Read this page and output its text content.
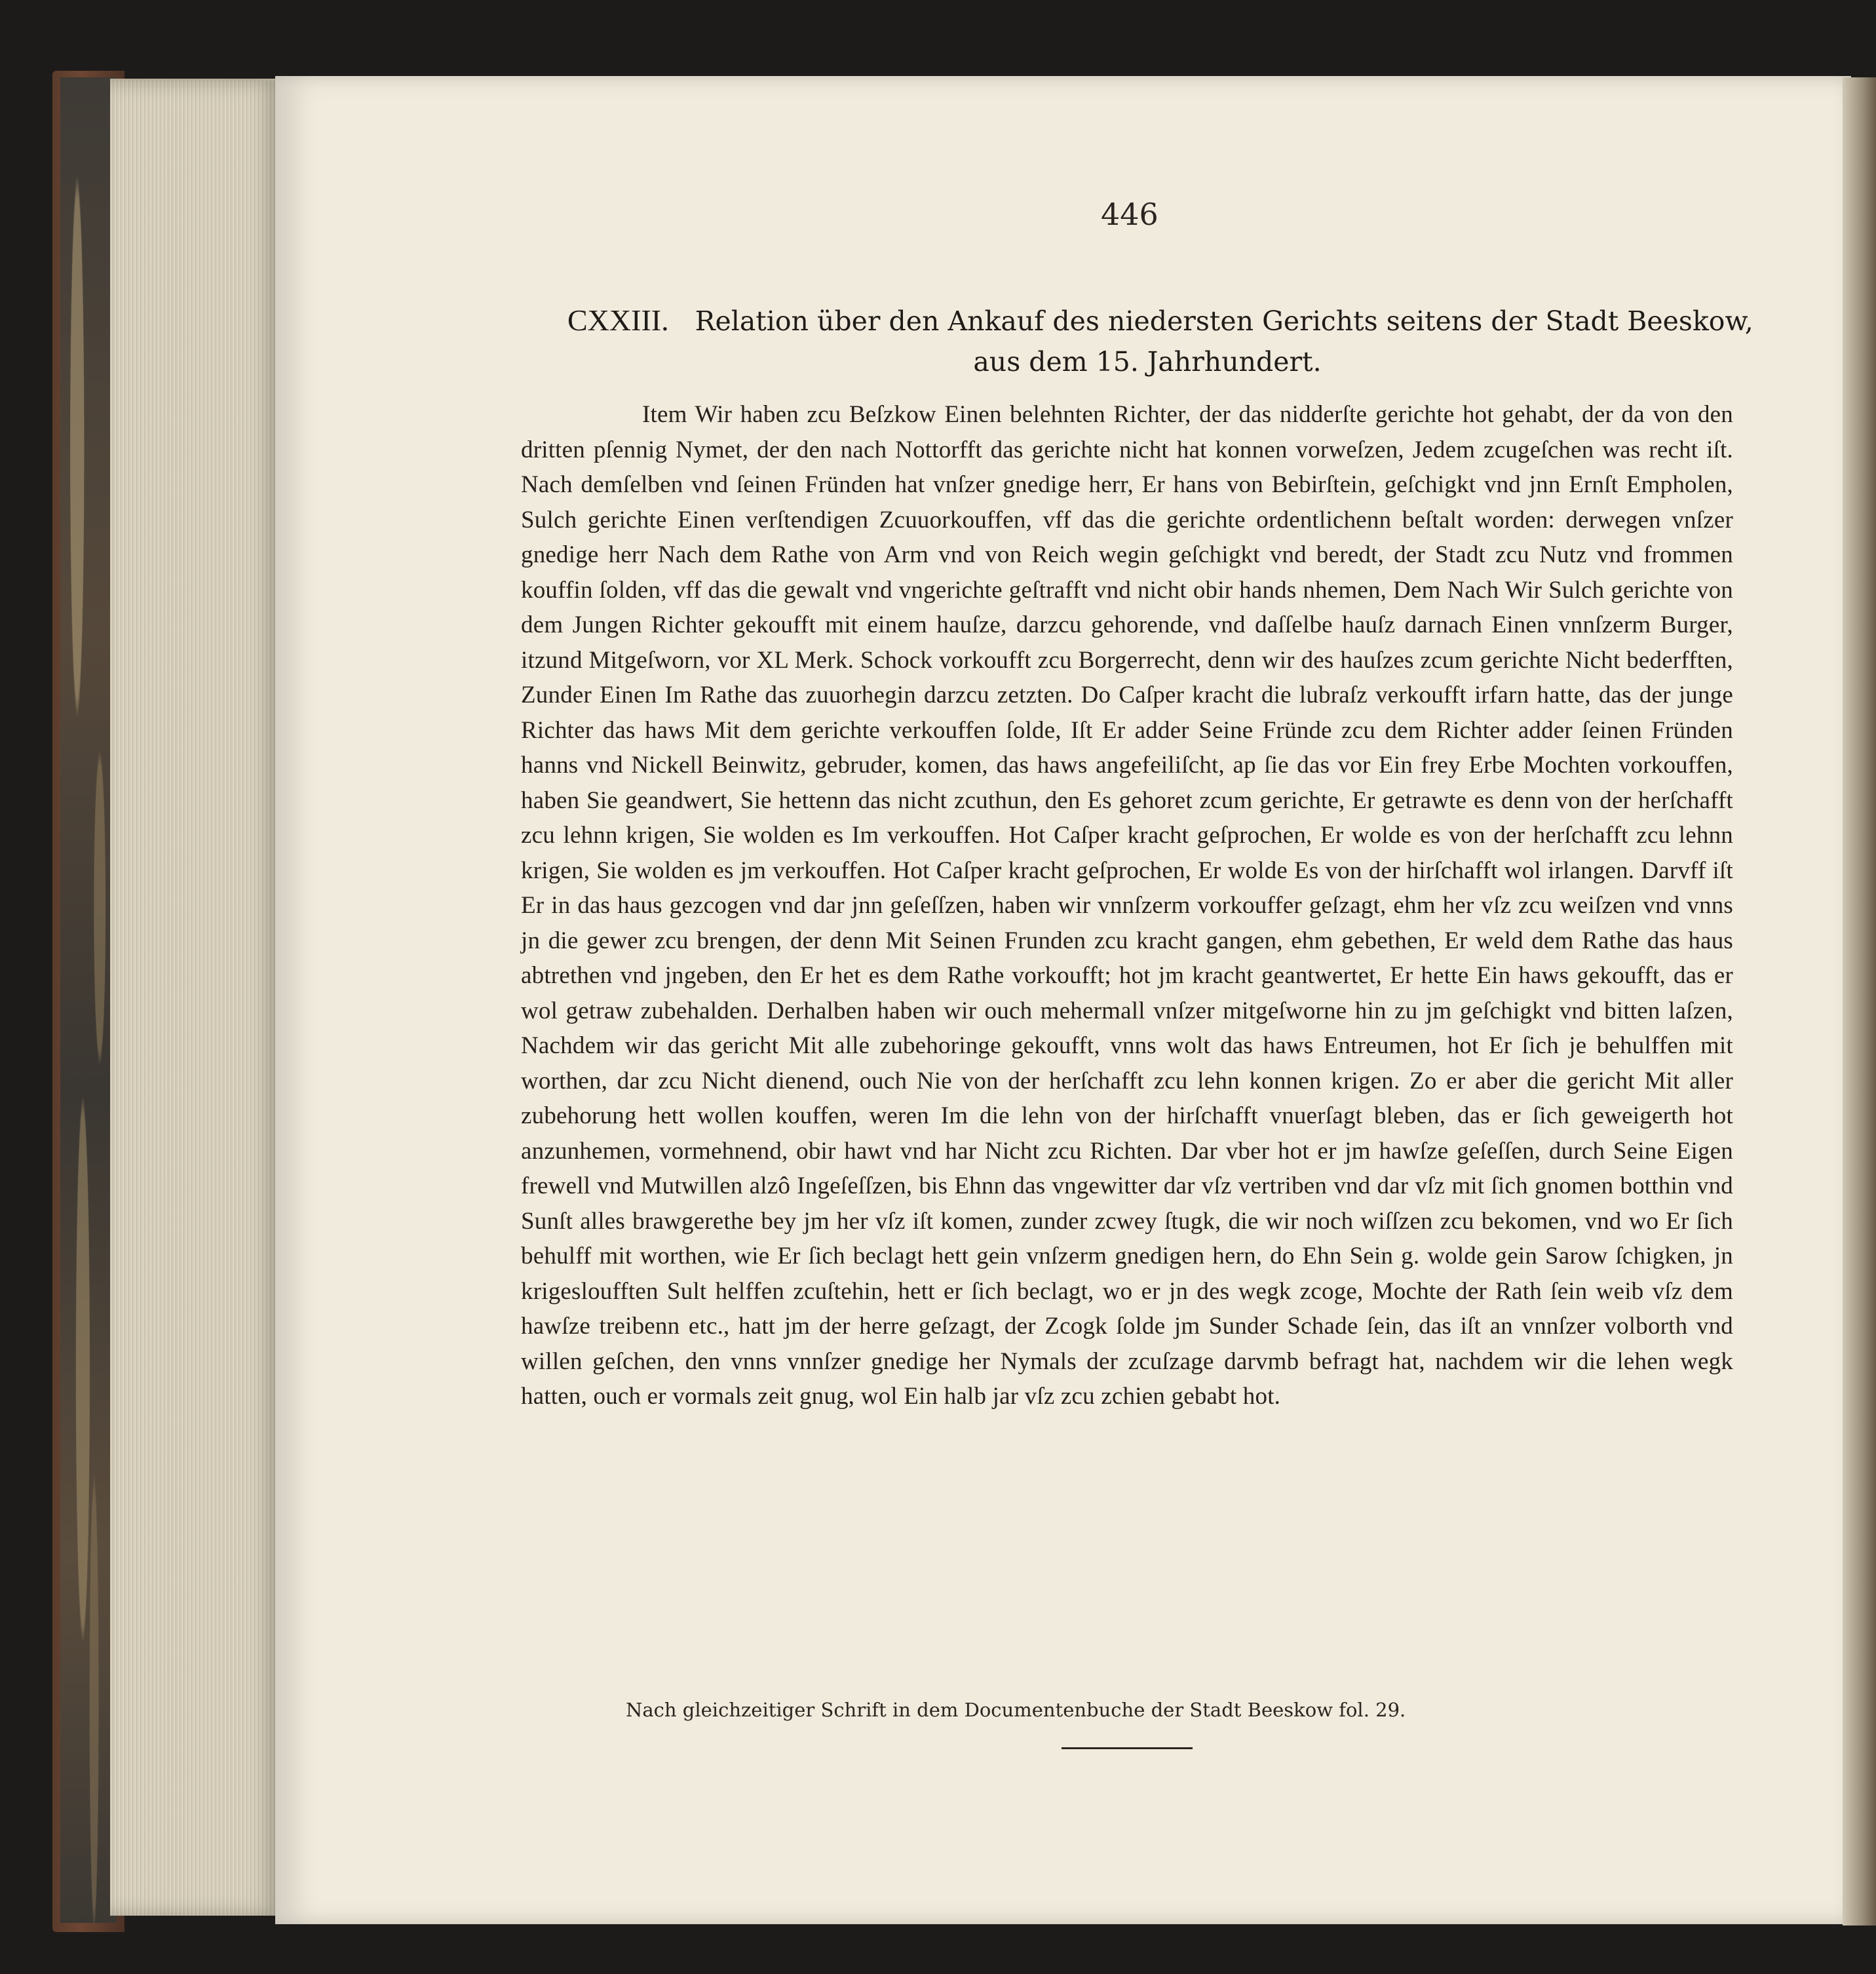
446
CXXIII. Relation über den Ankauf des niedersten Gerichts seitens der Stadt Beeskow,
aus dem 15. Jahrhundert.

Item Wir haben zcu Beſzkow Einen belehnten Richter, der das nidderſte gerichte hot gehabt, der da von den dritten pſennig Nymet, der den nach Nottorfft das gerichte nicht hat konnen vorweſzen, Jedem zcugeſchen was recht iſt. Nach demſelben vnd ſeinen Fründen hat vnſzer gnedige herr, Er hans von Bebirſtein, geſchigkt vnd jnn Ernſt Empholen, Sulch gerichte Einen verſtendigen Zcuuorkouffen, vff das die gerichte ordentlichenn beſtalt worden: derwegen vnſzer gnedige herr Nach dem Rathe von Arm vnd von Reich wegin geſchigkt vnd beredt, der Stadt zcu Nutz vnd frommen kouffin ſolden, vff das die gewalt vnd vngerichte geſtrafft vnd nicht obir hands nhemen, Dem Nach Wir Sulch gerichte von dem Jungen Richter gekoufft mit einem hauſze, darzcu gehorende, vnd daſſelbe hauſz darnach Einen vnnſzerm Burger, itzund Mitgeſworn, vor XL Merk. Schock vorkoufft zcu Borgerrecht, denn wir des hauſzes zcum gerichte Nicht bederfften, Zunder Einen Im Rathe das zuuorhegin darzcu zetzten. Do Caſper kracht die lubraſz verkoufft irfarn hatte, das der junge Richter das haws Mit dem gerichte verkouffen ſolde, Iſt Er adder Seine Fründe zcu dem Richter adder ſeinen Fründen hanns vnd Nickell Beinwitz, gebruder, komen, das haws angefeiliſcht, ap ſie das vor Ein frey Erbe Mochten vorkouffen, haben Sie geandwert, Sie hettenn das nicht zcuthun, den Es gehoret zcum gerichte, Er getrawte es denn von der herſchafft zcu lehnn krigen, Sie wolden es Im verkouffen. Hot Caſper kracht geſprochen, Er wolde es von der herſchafft zcu lehnn krigen, Sie wolden es jm verkouffen. Hot Caſper kracht geſprochen, Er wolde Es von der hirſchafft wol irlangen. Darvff iſt Er in das haus gezcogen vnd dar jnn geſeſſzen, haben wir vnnſzerm vorkouffer geſzagt, ehm her vſz zcu weiſzen vnd vnns jn die gewer zcu brengen, der denn Mit Seinen Frunden zcu kracht gangen, ehm gebethen, Er weld dem Rathe das haus abtrethen vnd jngeben, den Er het es dem Rathe vorkoufft; hot jm kracht geantwertet, Er hette Ein haws gekoufft, das er wol getraw zubehalden. Derhalben haben wir ouch mehermall vnſzer mitgeſworne hin zu jm geſchigkt vnd bitten laſzen, Nachdem wir das gericht Mit alle zubehoringe gekoufft, vnns wolt das haws Entreumen, hot Er ſich je behulffen mit worthen, dar zcu Nicht dienend, ouch Nie von der herſchafft zcu lehn konnen krigen. Zo er aber die gericht Mit aller zubehorung hett wollen kouffen, weren Im die lehn von der hirſchafft vnuerſagt bleben, das er ſich geweigerth hot anzunhemen, vormehnend, obir hawt vnd har Nicht zcu Richten. Dar vber hot er jm hawſze geſeſſen, durch Seine Eigen frewell vnd Mutwillen alzô Ingeſeſſzen, bis Ehnn das vngewitter dar vſz vertriben vnd dar vſz mit ſich gnomen botthin vnd Sunſt alles brawgerethe bey jm her vſz iſt komen, zunder zcwey ſtugk, die wir noch wiſſzen zcu bekomen, vnd wo Er ſich behulff mit worthen, wie Er ſich beclagt hett gein vnſzerm gnedigen hern, do Ehn Sein g. wolde gein Sarow ſchigken, jn krigesloufften Sult helffen zcuſtehin, hett er ſich beclagt, wo er jn des wegk zcoge, Mochte der Rath ſein weib vſz dem hawſze treibenn etc., hatt jm der herre geſzagt, der Zcogk ſolde jm Sunder Schade ſein, das iſt an vnnſzer volborth vnd willen geſchen, den vnns vnnſzer gnedige her Nymals der zcuſzage darvmb befragt hat, nachdem wir die lehen wegk hatten, ouch er vormals zeit gnug, wol Ein halb jar vſz zcu zchien gebabt hot.

Nach gleichzeitiger Schrift in dem Documentenbuche der Stadt Beeskow fol. 29.
